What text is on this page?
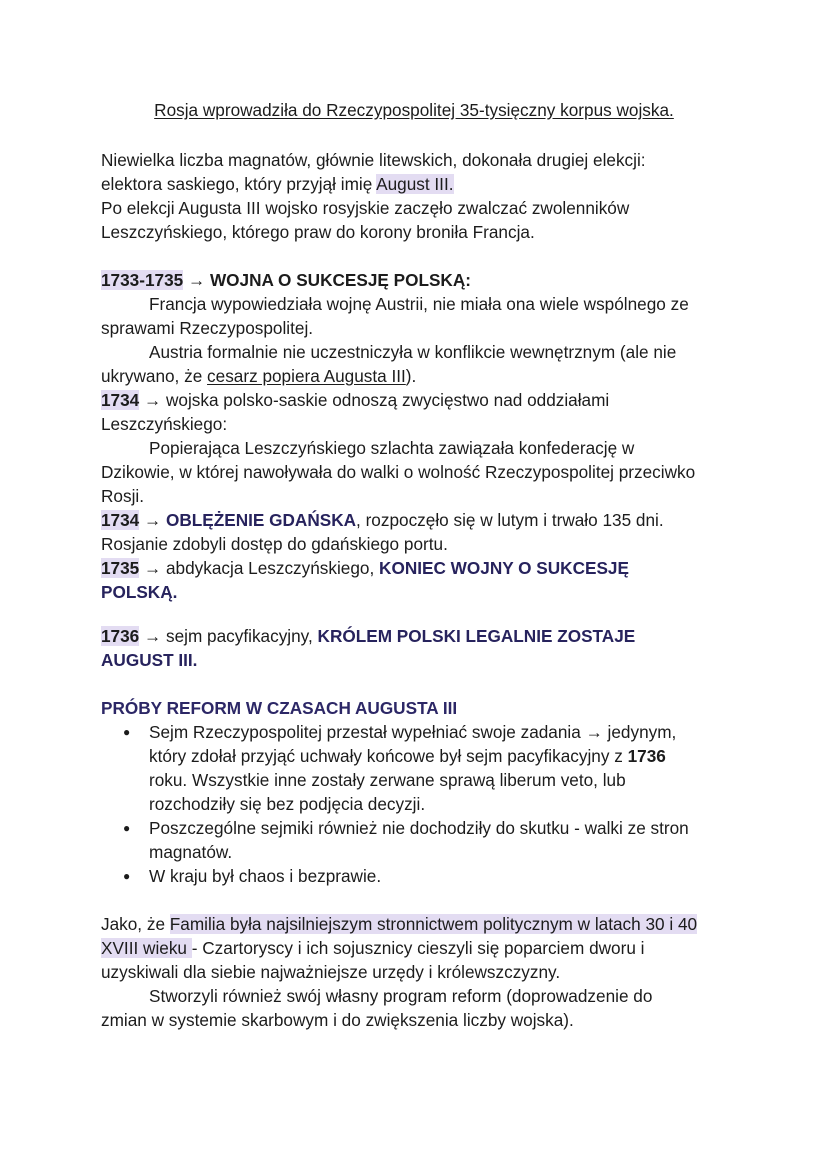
Rosja wprowadziła do Rzeczypospolitej 35-tysięczny korpus wojska.

Niewielka liczba magnatów, głównie litewskich, dokonała drugiej elekcji:
elektora saskiego, który przyjął imię August III.
Po elekcji Augusta III wojsko rosyjskie zaczęło zwalczać zwolenników
Leszczyńskiego, którego praw do korony broniła Francja.

1733-1735 → WOJNA O SUKCESJĘ POLSKĄ:
Francja wypowiedziała wojnę Austrii, nie miała ona wiele wspólnego ze
sprawami Rzeczypospolitej.
Austria formalnie nie uczestniczyła w konflikcie wewnętrznym (ale nie
ukrywano, że cesarz popiera Augusta III).
1734 → wojska polsko-saskie odnoszą zwycięstwo nad oddziałami
Leszczyńskiego:
Popierająca Leszczyńskiego szlachta zawiązała konfederację w
Dzikowie, w której nawoływała do walki o wolność Rzeczypospolitej przeciwko
Rosji.
1734 → OBLĘŻENIE GDAŃSKA, rozpoczęło się w lutym i trwało 135 dni.
Rosjanie zdobyli dostęp do gdańskiego portu.
1735 → abdykacja Leszczyńskiego, KONIEC WOJNY O SUKCESJĘ
POLSKĄ.

1736 → sejm pacyfikacyjny, KRÓLEM POLSKI LEGALNIE ZOSTAJE
AUGUST III.

PRÓBY REFORM W CZASACH AUGUSTA III

● Sejm Rzeczypospolitej przestał wypełniać swoje zadania → jedynym,
który zdołał przyjąć uchwały końcowe był sejm pacyfikacyjny z 1736
roku. Wszystkie inne zostały zerwane sprawą liberum veto, lub
rozchodziły się bez podjęcia decyzji.
● Poszczególne sejmiki również nie dochodziły do skutku - walki ze stron
magnatów.
● W kraju był chaos i bezprawie.

Jako, że Familia była najsilniejszym stronnictwem politycznym w latach 30 i 40
XVIII wieku - Czartoryscy i ich sojusznicy cieszyli się poparciem dworu i
uzyskiwali dla siebie najważniejsze urzędy i królewszczyzny.
Stworzyli również swój własny program reform (doprowadzenie do
zmian w systemie skarbowym i do zwiększenia liczby wojska).
